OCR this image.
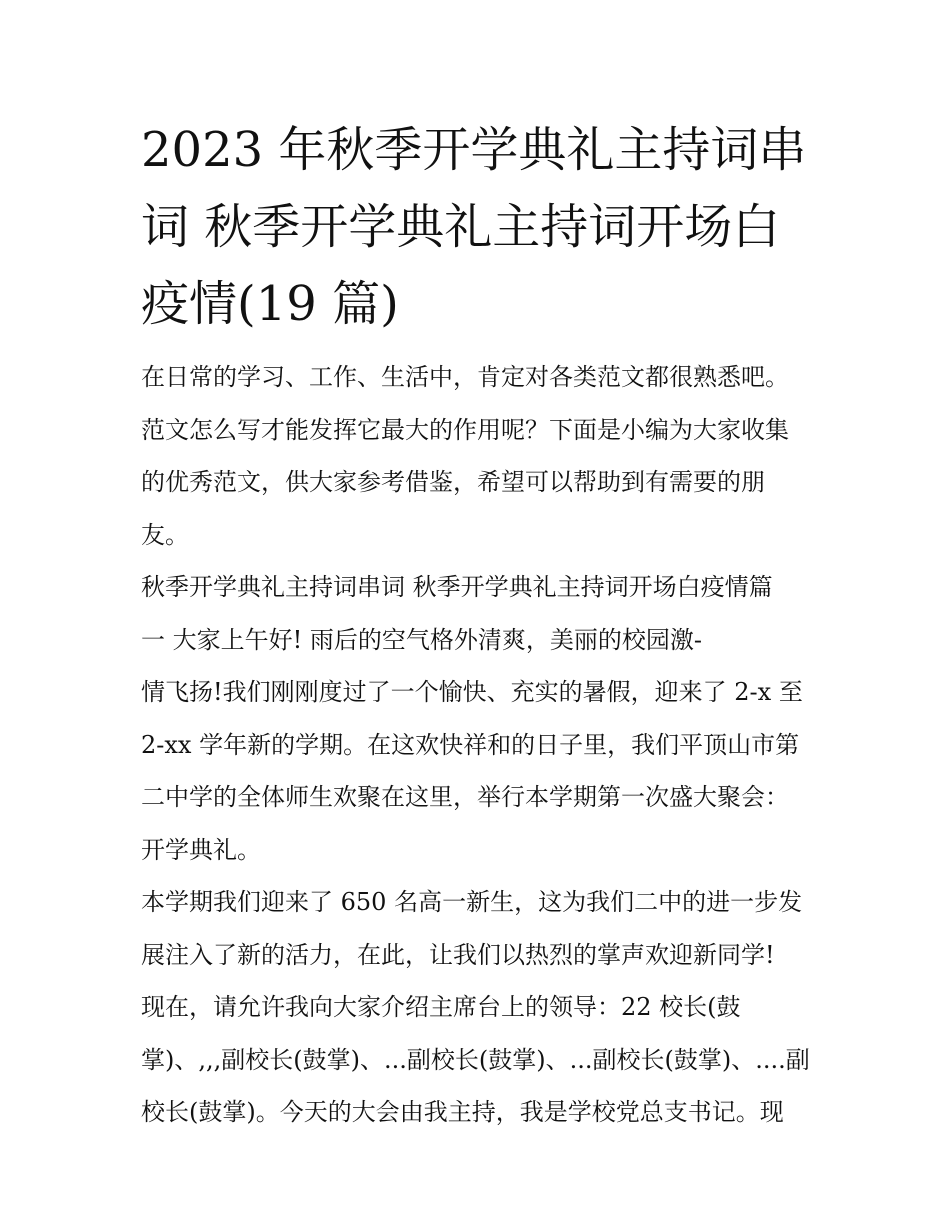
2023 年秋季开学典礼主持词串
词 秋季开学典礼主持词开场白
疫情(19 篇)
在日常的学习、工作、生活中，肯定对各类范文都很熟悉吧。
范文怎么写才能发挥它最大的作用呢？下面是小编为大家收集
的优秀范文，供大家参考借鉴，希望可以帮助到有需要的朋
友。
秋季开学典礼主持词串词 秋季开学典礼主持词开场白疫情篇
一 大家上午好! 雨后的空气格外清爽，美丽的校园激-
情飞扬!我们刚刚度过了一个愉快、充实的暑假，迎来了 2-x 至
2-xx 学年新的学期。在这欢快祥和的日子里，我们平顶山市第
二中学的全体师生欢聚在这里，举行本学期第一次盛大聚会：
开学典礼。
本学期我们迎来了 650 名高一新生，这为我们二中的进一步发
展注入了新的活力，在此，让我们以热烈的掌声欢迎新同学!
现在，请允许我向大家介绍主席台上的领导：22 校长(鼓
掌)、,,,副校长(鼓掌)、...副校长(鼓掌)、...副校长(鼓掌)、....副
校长(鼓掌)。今天的大会由我主持，我是学校党总支书记。现
